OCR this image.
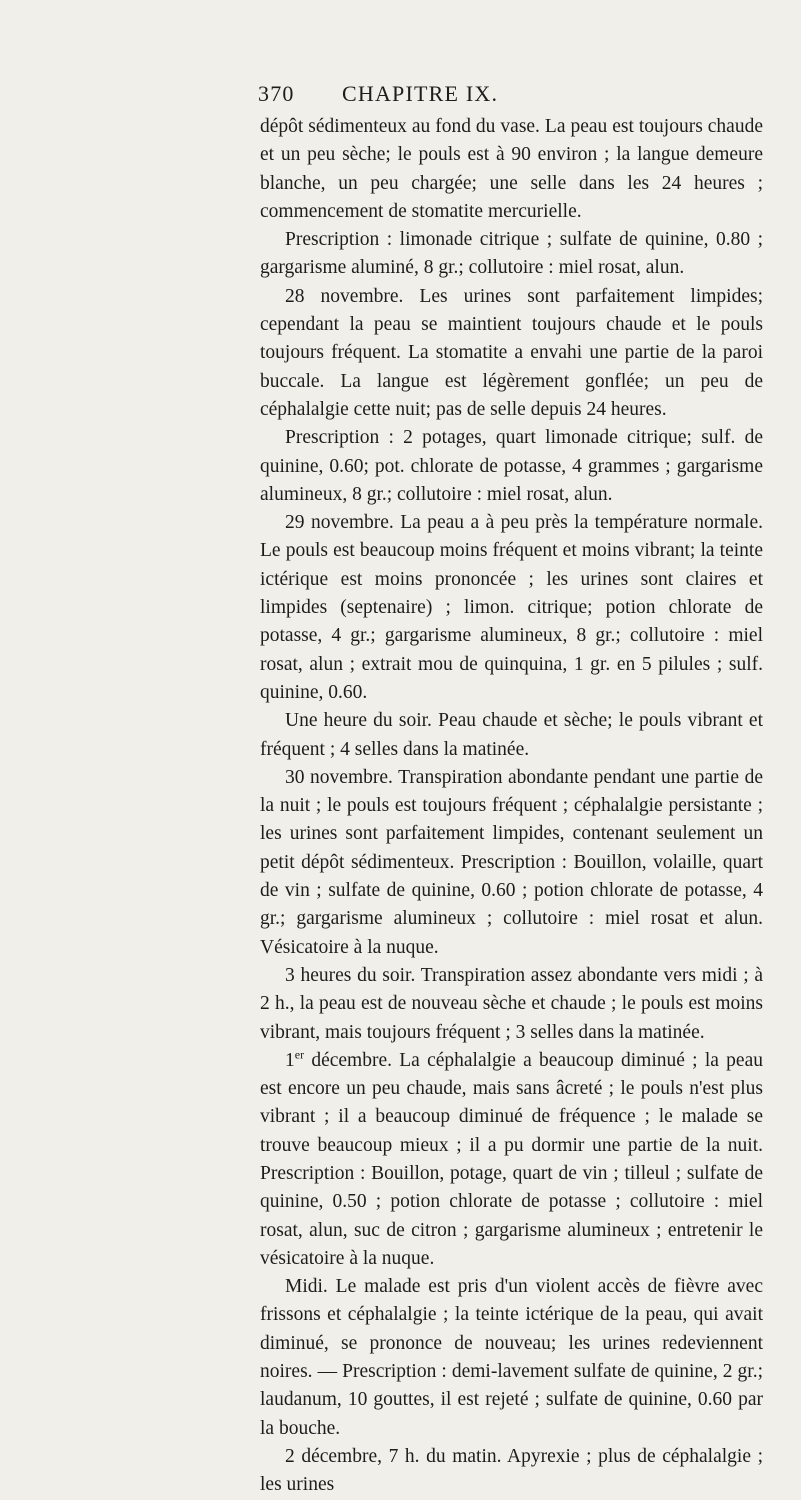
370 CHAPITRE IX.

dépôt sédimenteux au fond du vase. La peau est toujours chaude et un peu sèche; le pouls est à 90 environ ; la langue demeure blanche, un peu chargée; une selle dans les 24 heures ; commencement de stomatite mercurielle.

Prescription : limonade citrique ; sulfate de quinine, 0.80 ; gargarisme aluminé, 8 gr.; collutoire : miel rosat, alun.

28 novembre. Les urines sont parfaitement limpides; cependant la peau se maintient toujours chaude et le pouls toujours fréquent. La stomatite a envahi une partie de la paroi buccale. La langue est légèrement gonflée; un peu de céphalalgie cette nuit; pas de selle depuis 24 heures.

Prescription : 2 potages, quart limonade citrique; sulf. de quinine, 0.60; pot. chlorate de potasse, 4 grammes ; gargarisme alumineux, 8 gr.; collutoire : miel rosat, alun.

29 novembre. La peau a à peu près la température normale. Le pouls est beaucoup moins fréquent et moins vibrant; la teinte ictérique est moins prononcée ; les urines sont claires et limpides (septenaire) ; limon. citrique; potion chlorate de potasse, 4 gr.; gargarisme alumineux, 8 gr.; collutoire : miel rosat, alun ; extrait mou de quinquina, 1 gr. en 5 pilules ; sulf. quinine, 0.60.

Une heure du soir. Peau chaude et sèche; le pouls vibrant et fréquent ; 4 selles dans la matinée.

30 novembre. Transpiration abondante pendant une partie de la nuit ; le pouls est toujours fréquent ; céphalalgie persistante ; les urines sont parfaitement limpides, contenant seulement un petit dépôt sédimenteux. Prescription : Bouillon, volaille, quart de vin ; sulfate de quinine, 0.60 ; potion chlorate de potasse, 4 gr.; gargarisme alumineux ; collutoire : miel rosat et alun. Vésicatoire à la nuque.

3 heures du soir. Transpiration assez abondante vers midi ; à 2 h., la peau est de nouveau sèche et chaude ; le pouls est moins vibrant, mais toujours fréquent ; 3 selles dans la matinée.

1er décembre. La céphalalgie a beaucoup diminué ; la peau est encore un peu chaude, mais sans âcreté ; le pouls n'est plus vibrant ; il a beaucoup diminué de fréquence ; le malade se trouve beaucoup mieux ; il a pu dormir une partie de la nuit. Prescription : Bouillon, potage, quart de vin ; tilleul ; sulfate de quinine, 0.50 ; potion chlorate de potasse ; collutoire : miel rosat, alun, suc de citron ; gargarisme alumineux ; entretenir le vésicatoire à la nuque.

Midi. Le malade est pris d'un violent accès de fièvre avec frissons et céphalalgie ; la teinte ictérique de la peau, qui avait diminué, se prononce de nouveau; les urines redeviennent noires. — Prescription : demi-lavement sulfate de quinine, 2 gr.; laudanum, 10 gouttes, il est rejeté ; sulfate de quinine, 0.60 par la bouche.

2 décembre, 7 h. du matin. Apyrexie ; plus de céphalalgie ; les urines
